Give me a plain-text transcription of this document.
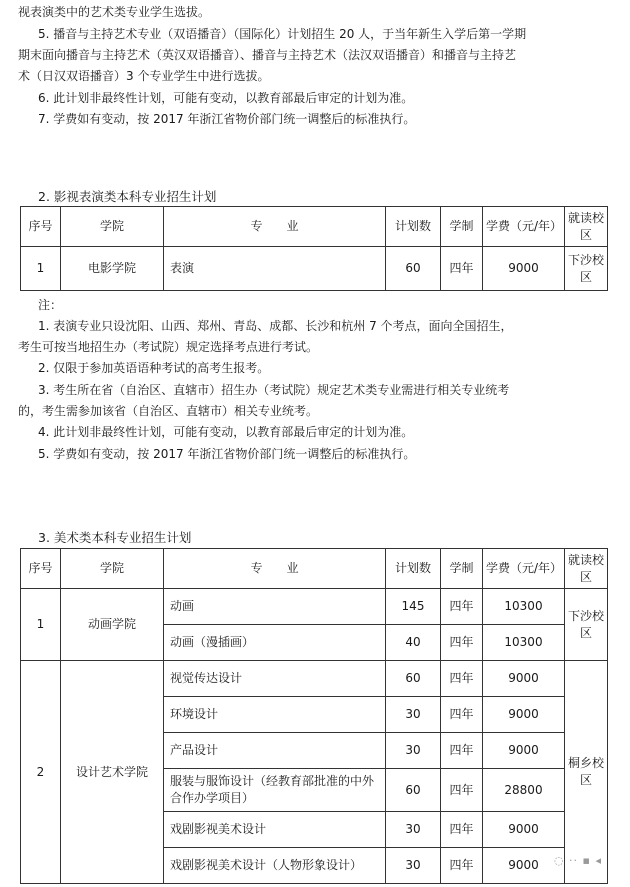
视表演类中的艺术类专业学生选拔。
5. 播音与主持艺术专业（双语播音）（国际化）计划招生 20 人，于当年新生入学后第一学期
期末面向播音与主持艺术（英汉双语播音）、播音与主持艺术（法汉双语播音）和播音与主持艺
术（日汉双语播音）3 个专业学生中进行选拔。
6. 此计划非最终性计划，可能有变动，以教育部最后审定的计划为准。
7. 学费如有变动，按 2017 年浙江省物价部门统一调整后的标准执行。
2. 影视表演类本科专业招生计划
序号	学院	专　　业	计划数	学制	学费（元/年）	就读校区
1	电影学院	表演	60	四年	9000	下沙校区
注：
1. 表演专业只设沈阳、山西、郑州、青岛、成都、长沙和杭州 7 个考点，面向全国招生，
考生可按当地招生办（考试院）规定选择考点进行考试。
2. 仅限于参加英语语种考试的高考生报考。
3. 考生所在省（自治区、直辖市）招生办（考试院）规定艺术类专业需进行相关专业统考
的，考生需参加该省（自治区、直辖市）相关专业统考。
4. 此计划非最终性计划，可能有变动，以教育部最后审定的计划为准。
5. 学费如有变动，按 2017 年浙江省物价部门统一调整后的标准执行。
3. 美术类本科专业招生计划
序号	学院	专　　业	计划数	学制	学费（元/年）	就读校区
1	动画学院	动画	145	四年	10300	下沙校区
		动画（漫插画）	40	四年	10300	
2	设计艺术学院	视觉传达设计	60	四年	9000	桐乡校区
		环境设计	30	四年	9000	
		产品设计	30	四年	9000	
		服装与服饰设计（经教育部批准的中外合作办学项目）	60	四年	28800	
		戏剧影视美术设计	30	四年	9000	
		戏剧影视美术设计（人物形象设计）	30	四年	9000	◌ ·· ▪ ◂
